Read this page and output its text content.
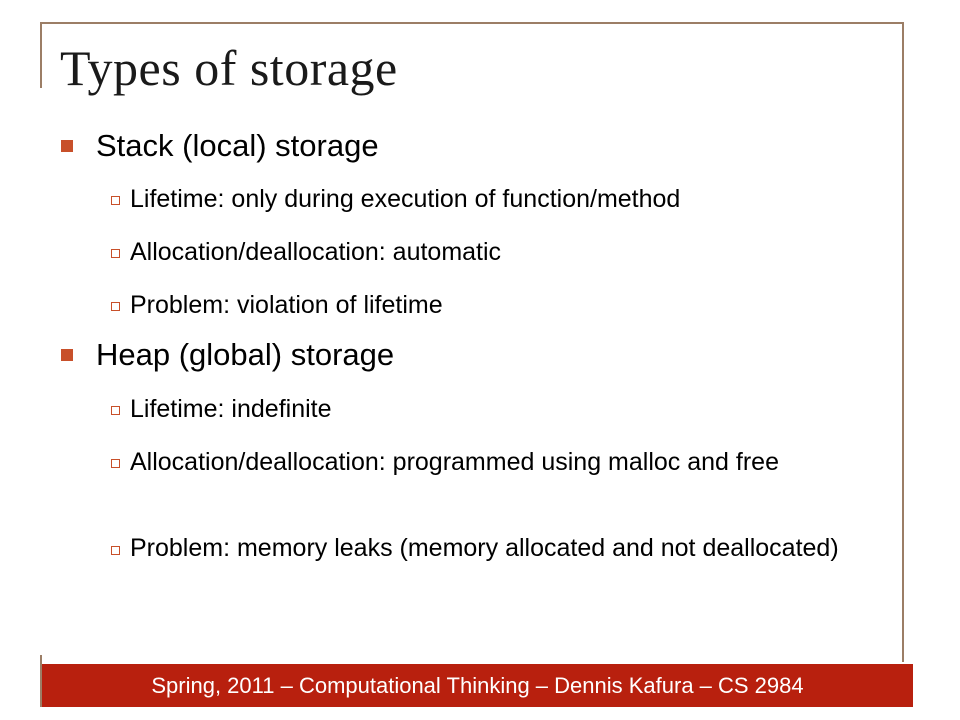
Types of storage
Stack (local) storage
Lifetime: only during execution of function/method
Allocation/deallocation: automatic
Problem: violation of lifetime
Heap (global) storage
Lifetime: indefinite
Allocation/deallocation: programmed using malloc and free
Problem: memory leaks (memory allocated and not deallocated)
Spring, 2011 – Computational Thinking – Dennis Kafura – CS 2984
